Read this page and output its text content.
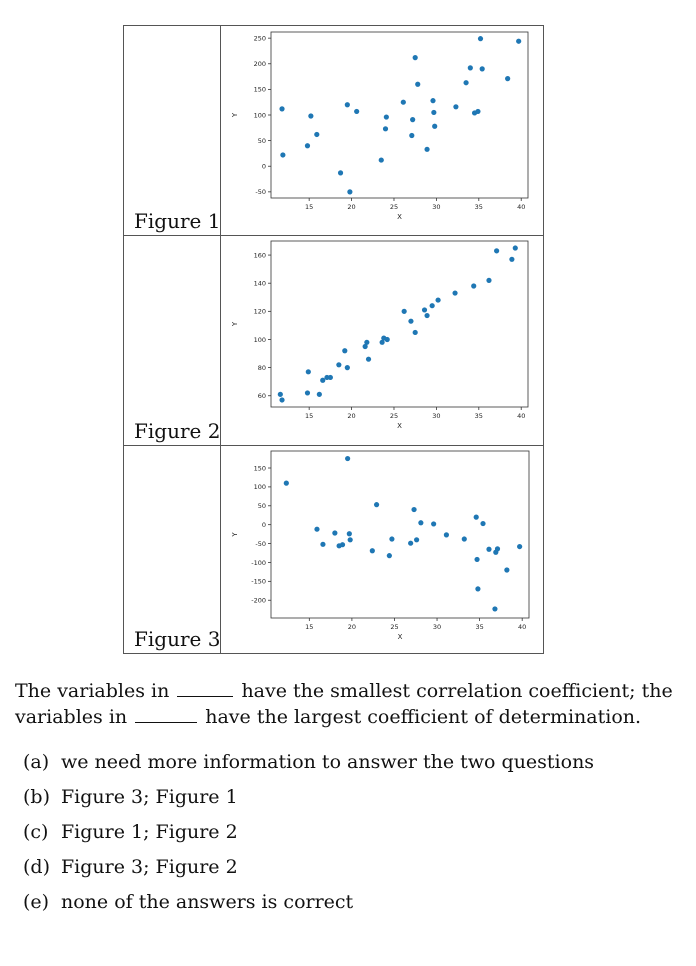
Figure 1
15	20	25	30	35	40
-50
0
50
100
150
200
250
X
Y
Figure 2
15	20	25	30	35	40
60
80
100
120
140
160
X
Y
Figure 3	15	20	25	30	35	40
-200
-150
-100
-50
0
50
100
150
X
Y
The variables in	have the smallest correlation coefficient; the variables in	have the largest coefficient of determination.
(a) we need more information to answer the two questions
(b) Figure 3; Figure 1
(c) Figure 1; Figure 2
(d) Figure 3; Figure 2
(e) none of the answers is correct
